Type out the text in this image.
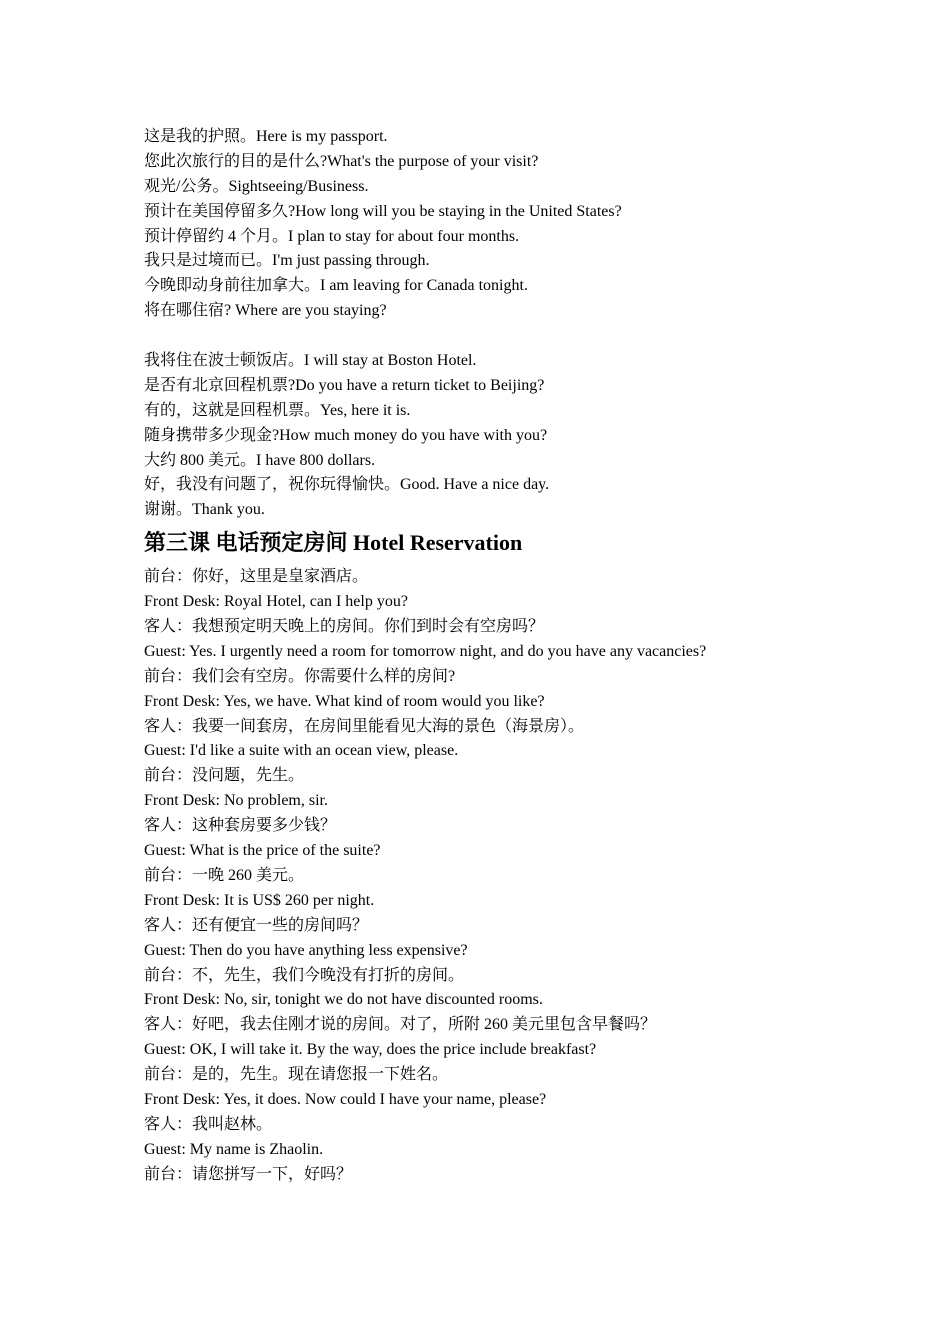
这是我的护照。Here is my passport.
您此次旅行的目的是什么?What's the purpose of your visit?
观光/公务。Sightseeing/Business.
预计在美国停留多久?How long will you be staying in the United States?
预计停留约 4 个月。I plan to stay for about four months.
我只是过境而已。I'm just passing through.
今晚即动身前往加拿大。I am leaving for Canada tonight.
将在哪住宿? Where are you staying?
我将住在波士顿饭店。I will stay at Boston Hotel.
是否有北京回程机票?Do you have a return ticket to Beijing?
有的，这就是回程机票。Yes, here it is.
随身携带多少现金?How much money do you have with you?
大约 800 美元。I have 800 dollars.
好，我没有问题了，祝你玩得愉快。Good. Have a nice day.
谢谢。Thank you.
第三课 电话预定房间 Hotel Reservation
前台：你好，这里是皇家酒店。
Front Desk: Royal Hotel, can I help you?
客人：我想预定明天晚上的房间。你们到时会有空房吗？
Guest: Yes. I urgently need a room for tomorrow night, and do you have any vacancies?
前台：我们会有空房。你需要什么样的房间?
Front Desk: Yes, we have. What kind of room would you like?
客人：我要一间套房，在房间里能看见大海的景色（海景房）。
Guest: I'd like a suite with an ocean view, please.
前台：没问题，先生。
Front Desk: No problem, sir.
客人：这种套房要多少钱？
Guest: What is the price of the suite?
前台：一晚 260 美元。
Front Desk: It is US$ 260 per night.
客人：还有便宜一些的房间吗？
Guest: Then do you have anything less expensive?
前台：不，先生，我们今晚没有打折的房间。
Front Desk: No, sir, tonight we do not have discounted rooms.
客人：好吧，我去住刚才说的房间。对了，所附 260 美元里包含早餐吗？
Guest: OK, I will take it. By the way, does the price include breakfast?
前台：是的，先生。现在请您报一下姓名。
Front Desk: Yes, it does. Now could I have your name, please?
客人：我叫赵林。
Guest: My name is Zhaolin.
前台：请您拼写一下，好吗？
